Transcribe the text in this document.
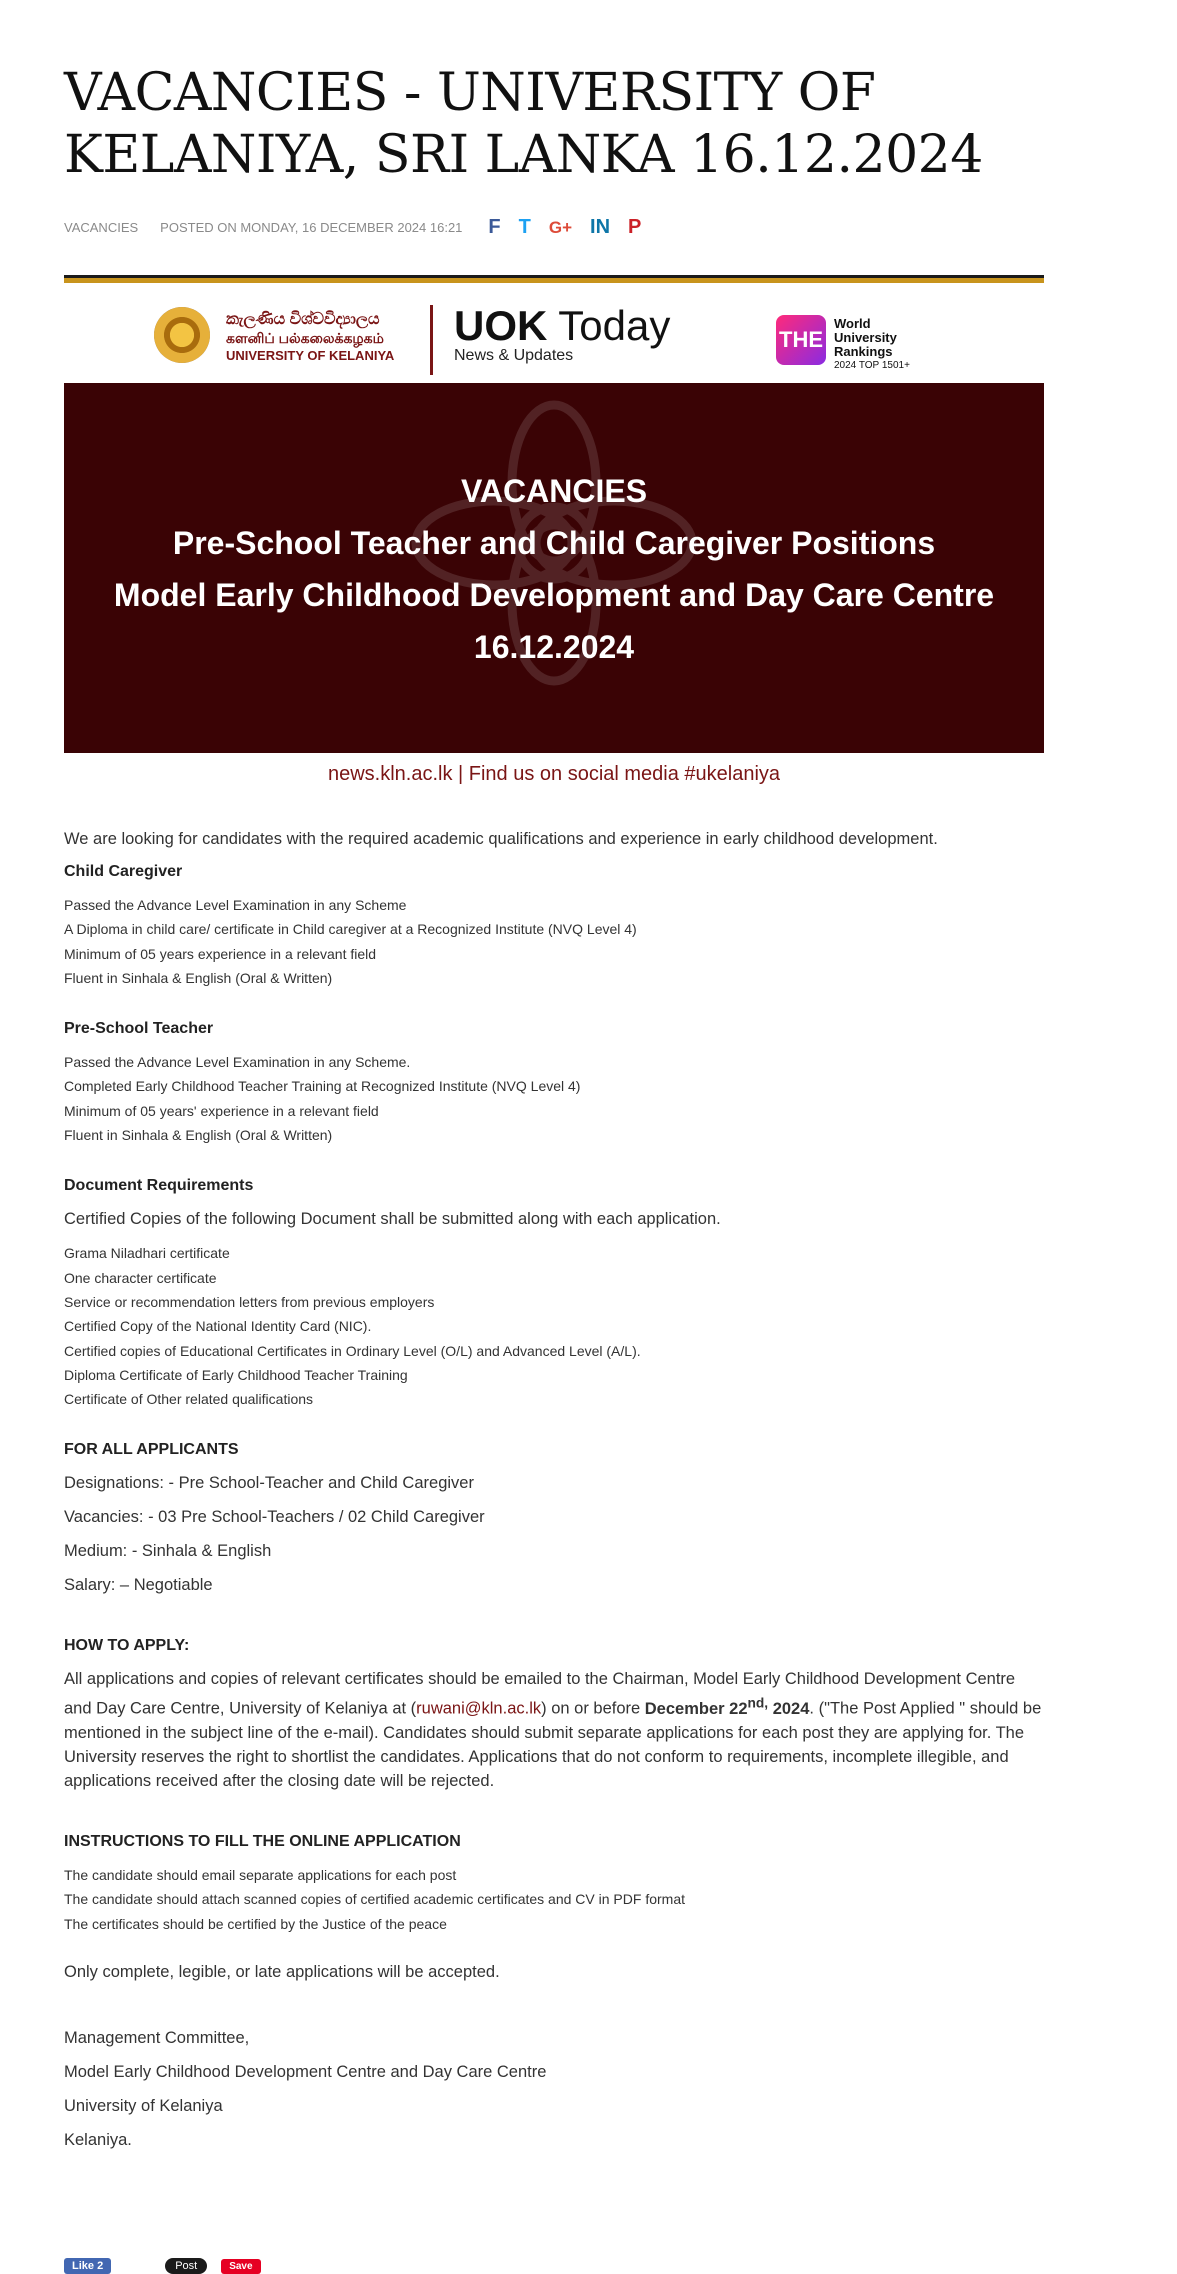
VACANCIES - UNIVERSITY OF KELANIYA, SRI LANKA 16.12.2024
VACANCIES POSTED ON MONDAY, 16 DECEMBER 2024 16:21 F T G+ IN P
කැලණිය විශ්වවිද්‍යාලය
களனிப் பல்கலைக்கழகம்
UNIVERSITY OF KELANIYA
UOK Today
News & Updates
THE
World
University
Rankings
2024 TOP 1501+
VACANCIES
Pre-School Teacher and Child Caregiver Positions
Model Early Childhood Development and Day Care Centre
16.12.2024
news.kln.ac.lk | Find us on social media #ukelaniya

We are looking for candidates with the required academic qualifications and experience in early childhood development.

Child Caregiver
Passed the Advance Level Examination in any Scheme
A Diploma in child care/ certificate in Child caregiver at a Recognized Institute (NVQ Level 4)
Minimum of 05 years experience in a relevant field
Fluent in Sinhala & English (Oral & Written)
Pre-School Teacher
Passed the Advance Level Examination in any Scheme.
Completed Early Childhood Teacher Training at Recognized Institute (NVQ Level 4)
Minimum of 05 years' experience in a relevant field
Fluent in Sinhala & English (Oral & Written)
Document Requirements
Certified Copies of the following Document shall be submitted along with each application.
Grama Niladhari certificate
One character certificate
Service or recommendation letters from previous employers
Certified Copy of the National Identity Card (NIC).
Certified copies of Educational Certificates in Ordinary Level (O/L) and Advanced Level (A/L).
Diploma Certificate of Early Childhood Teacher Training
Certificate of Other related qualifications
FOR ALL APPLICANTS
Designations: - Pre School-Teacher and Child Caregiver
Vacancies: - 03 Pre School-Teachers / 02 Child Caregiver
Medium: - Sinhala & English
Salary: – Negotiable
HOW TO APPLY:
All applications and copies of relevant certificates should be emailed to the Chairman, Model Early Childhood Development Centre and Day Care Centre, University of Kelaniya at (ruwani@kln.ac.lk) on or before December $22^{nd,}$ 2024. ("The Post Applied " should be mentioned in the subject line of the e-mail). Candidates should submit separate applications for each post they are applying for. The University reserves the right to shortlist the candidates. Applications that do not conform to requirements, incomplete illegible, and applications received after the closing date will be rejected.
INSTRUCTIONS TO FILL THE ONLINE APPLICATION
The candidate should email separate applications for each post
The candidate should attach scanned copies of certified academic certificates and CV in PDF format
The certificates should be certified by the Justice of the peace
Only complete, legible, or late applications will be accepted.
Management Committee,
Model Early Childhood Development Centre and Day Care Centre
University of Kelaniya
Kelaniya.
Like 2	Post	Save
